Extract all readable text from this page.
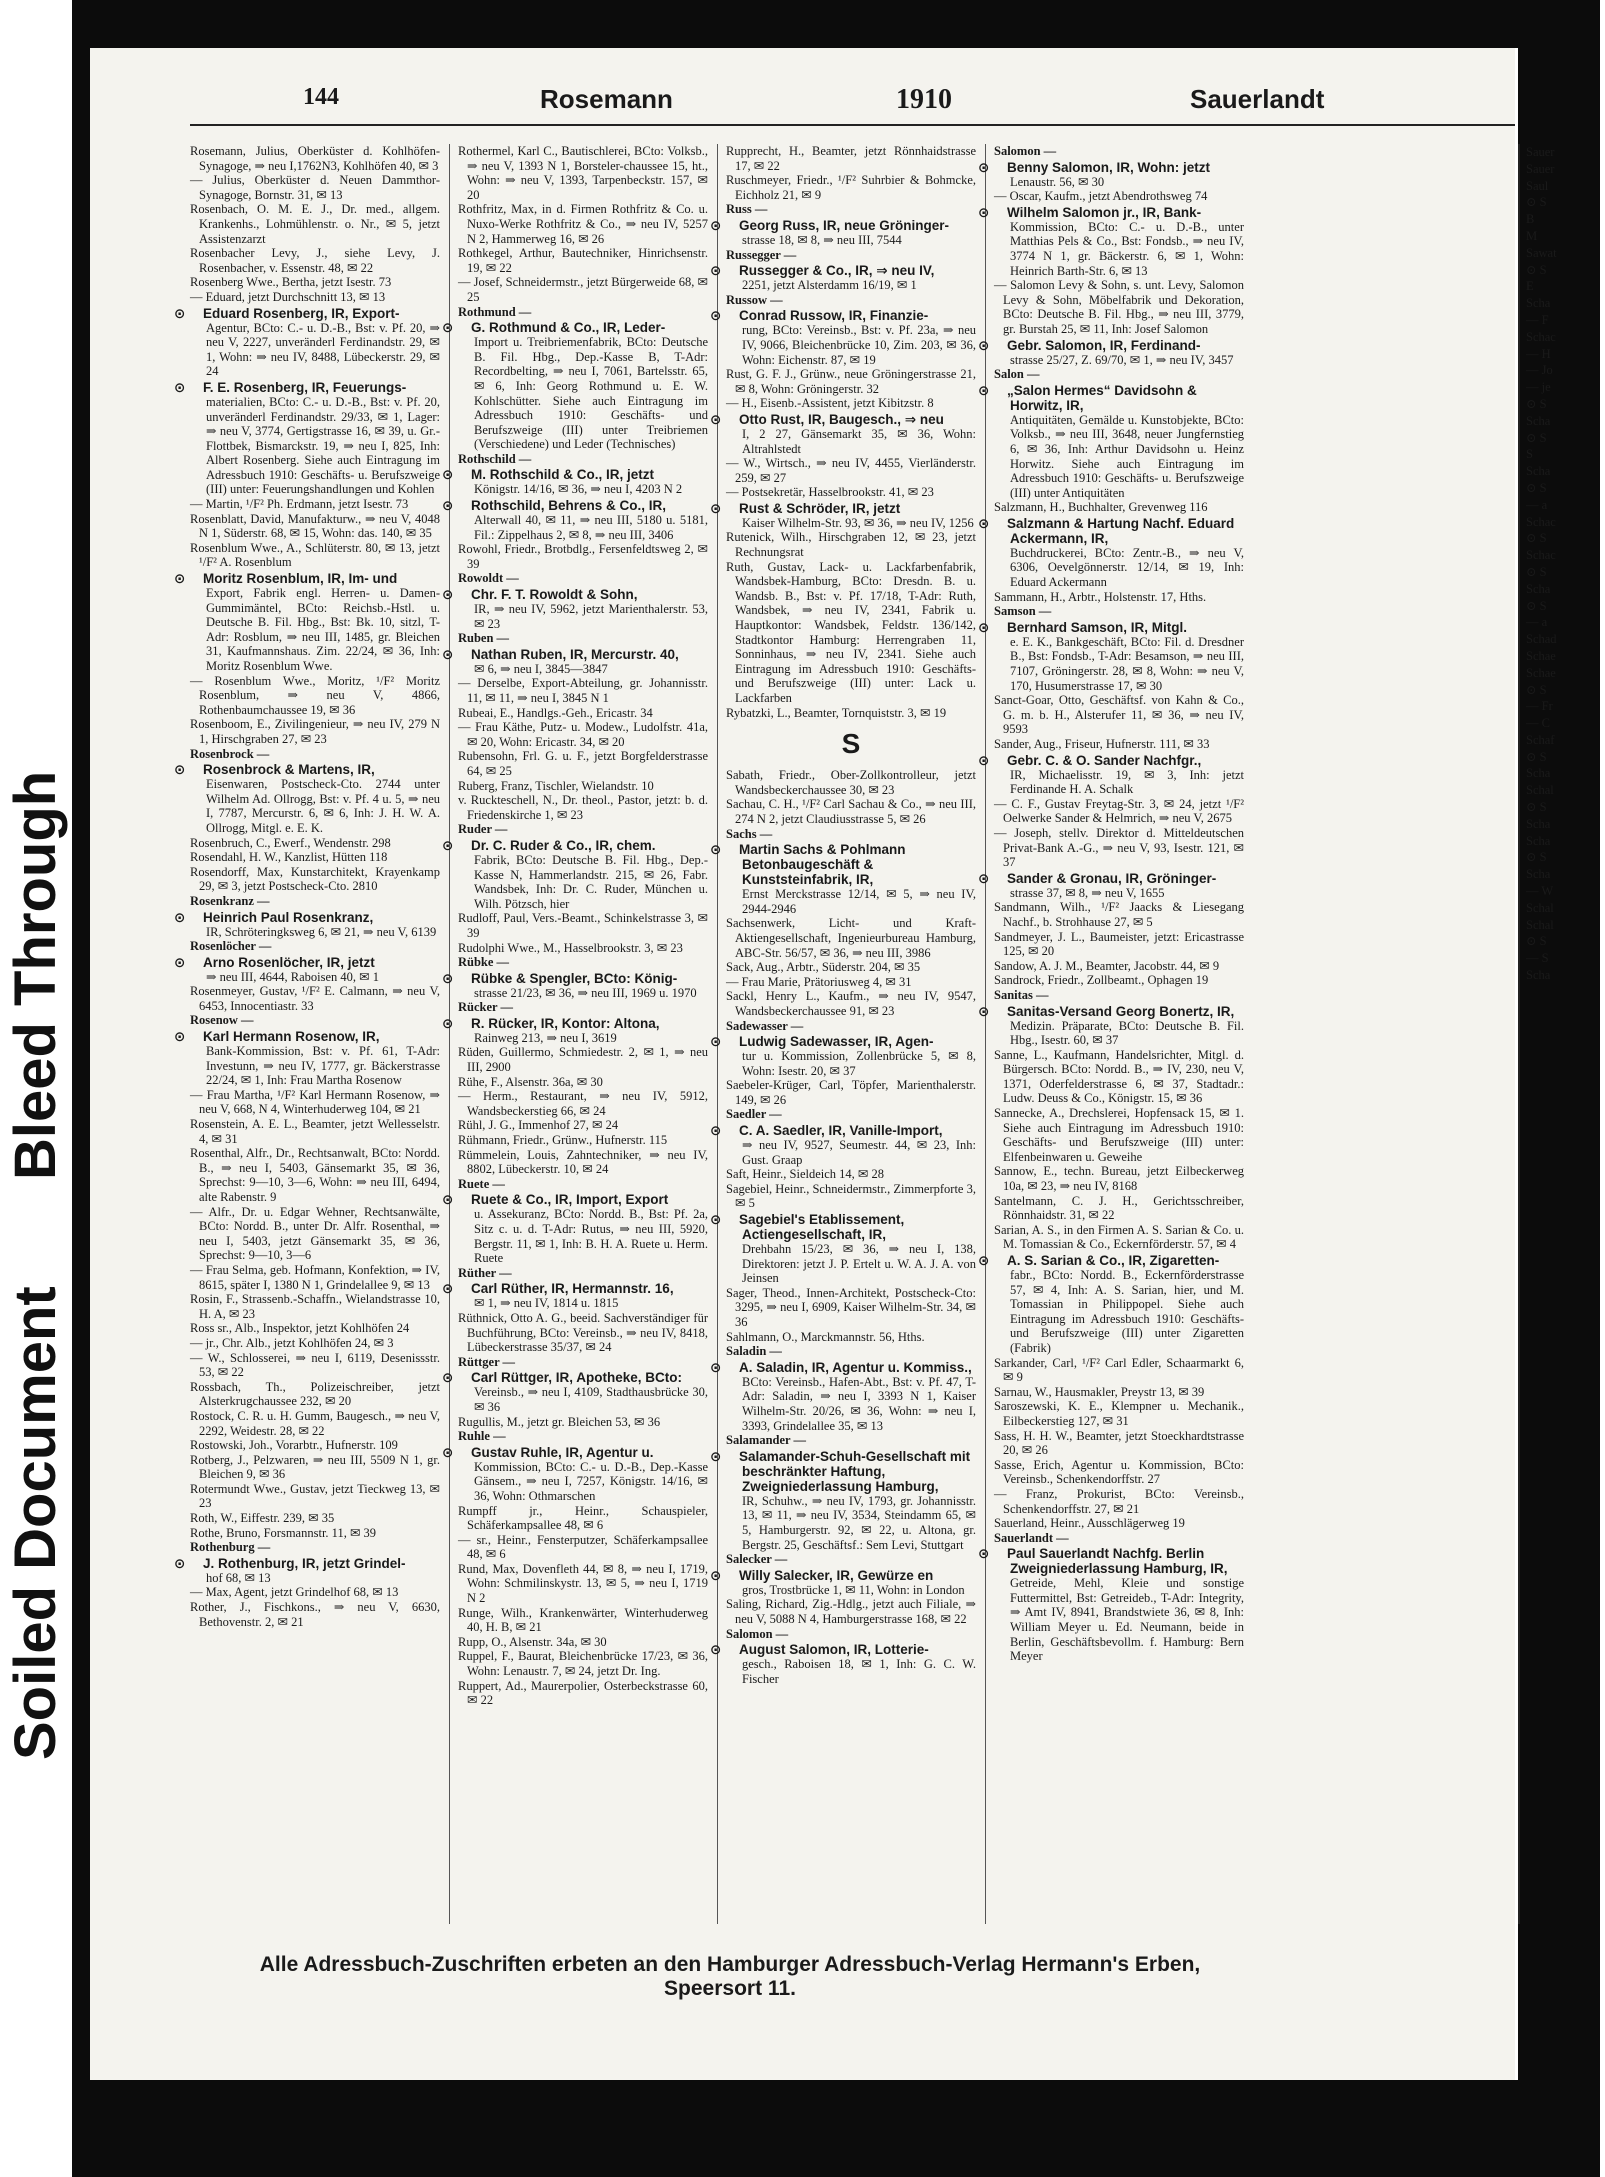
Soiled Document
Bleed Through
144	Rosemann	1910	Sauerlandt

Rosemann, Julius, Oberküster d. Kohlhöfen-Synagoge, ⇒ neu I,1762N3, Kohlhöfen 40, ✉ 3

— Julius, Oberküster d. Neuen Dammthor-Synagoge, Bornstr. 31, ✉ 13

Rosenbach, O. M. E. J., Dr. med., allgem. Krankenhs., Lohmühlenstr. o. Nr., ✉ 5, jetzt Assistenzarzt

Rosenbacher Levy, J., siehe Levy, J. Rosenbacher, v. Essenstr. 48, ✉ 22

Rosenberg Wwe., Bertha, jetzt Isestr. 73

— Eduard, jetzt Durchschnitt 13, ✉ 13

⊙ Eduard Rosenberg, IR, Export-

Agentur, BCto: C.- u. D.-B., Bst: v. Pf. 20, ⇒ neu V, 2227, unveränderl Ferdinandstr. 29, ✉ 1, Wohn: ⇒ neu IV, 8488, Lübeckerstr. 29, ✉ 24

⊙ F. E. Rosenberg, IR, Feuerungs-

materialien, BCto: C.- u. D.-B., Bst: v. Pf. 20, unveränderl Ferdinandstr. 29/33, ✉ 1, Lager: ⇒ neu V, 3774, Gertigstrasse 16, ✉ 39, u. Gr.-Flottbek, Bismarckstr. 19, ⇒ neu I, 825, Inh: Albert Rosenberg. Siehe auch Eintragung im Adressbuch 1910: Geschäfts- u. Berufszweige (III) unter: Feuerungshandlungen und Kohlen

— Martin, ¹/F² Ph. Erdmann, jetzt Isestr. 73

Rosenblatt, David, Manufakturw., ⇒ neu V, 4048 N 1, Süderstr. 68, ✉ 15, Wohn: das. 140, ✉ 35

Rosenblum Wwe., A., Schlüterstr. 80, ✉ 13, jetzt ¹/F² A. Rosenblum

⊙ Moritz Rosenblum, IR, Im- und

Export, Fabrik engl. Herren- u. Damen-Gummimäntel, BCto: Reichsb.-Hstl. u. Deutsche B. Fil. Hbg., Bst: Bk. 10, sitzl, T-Adr: Rosblum, ⇒ neu III, 1485, gr. Bleichen 31, Kaufmannshaus. Zim. 22/24, ✉ 36, Inh: Moritz Rosenblum Wwe.

— Rosenblum Wwe., Moritz, ¹/F² Moritz Rosenblum, ⇒ neu V, 4866, Rothenbaumchaussee 19, ✉ 36

Rosenboom, E., Zivilingenieur, ⇒ neu IV, 279 N 1, Hirschgraben 27, ✉ 23

Rosenbrock —

⊙ Rosenbrock & Martens, IR,

Eisenwaren, Postscheck-Cto. 2744 unter Wilhelm Ad. Ollrogg, Bst: v. Pf. 4 u. 5, ⇒ neu I, 7787, Mercurstr. 6, ✉ 6, Inh: J. H. W. A. Ollrogg, Mitgl. e. E. K.

Rosenbruch, C., Ewerf., Wendenstr. 298

Rosendahl, H. W., Kanzlist, Hütten 118

Rosendorff, Max, Kunstarchitekt, Krayenkamp 29, ✉ 3, jetzt Postscheck-Cto. 2810

Rosenkranz —

⊙ Heinrich Paul Rosenkranz,

IR, Schröteringksweg 6, ✉ 21, ⇒ neu V, 6139

Rosenlöcher —

⊙ Arno Rosenlöcher, IR, jetzt

⇒ neu III, 4644, Raboisen 40, ✉ 1

Rosenmeyer, Gustav, ¹/F² E. Calmann, ⇒ neu V, 6453, Innocentiastr. 33

Rosenow —

⊙ Karl Hermann Rosenow, IR,

Bank-Kommission, Bst: v. Pf. 61, T-Adr: Investunn, ⇒ neu IV, 1777, gr. Bäckerstrasse 22/24, ✉ 1, Inh: Frau Martha Rosenow

— Frau Martha, ¹/F² Karl Hermann Rosenow, ⇒ neu V, 668, N 4, Winterhuderweg 104, ✉ 21

Rosenstein, A. E. L., Beamter, jetzt Wellesselstr. 4, ✉ 31

Rosenthal, Alfr., Dr., Rechtsanwalt, BCto: Nordd. B., ⇒ neu I, 5403, Gänsemarkt 35, ✉ 36, Sprechst: 9—10, 3—6, Wohn: ⇒ neu III, 6494, alte Rabenstr. 9

— Alfr., Dr. u. Edgar Wehner, Rechtsanwälte, BCto: Nordd. B., unter Dr. Alfr. Rosenthal, ⇒ neu I, 5403, jetzt Gänsemarkt 35, ✉ 36, Sprechst: 9—10, 3—6

— Frau Selma, geb. Hofmann, Konfektion, ⇒ IV, 8615, später I, 1380 N 1, Grindelallee 9, ✉ 13

Rosin, F., Strassenb.-Schaffn., Wielandstrasse 10, H. A, ✉ 23

Ross sr., Alb., Inspektor, jetzt Kohlhöfen 24

— jr., Chr. Alb., jetzt Kohlhöfen 24, ✉ 3

— W., Schlosserei, ⇒ neu I, 6119, Desenissstr. 53, ✉ 22

Rossbach, Th., Polizeischreiber, jetzt Alsterkrugchaussee 232, ✉ 20

Rostock, C. R. u. H. Gumm, Baugesch., ⇒ neu V, 2292, Weidestr. 28, ✉ 22

Rostowski, Joh., Vorarbtr., Hufnerstr. 109

Rotberg, J., Pelzwaren, ⇒ neu III, 5509 N 1, gr. Bleichen 9, ✉ 36

Rotermundt Wwe., Gustav, jetzt Tieckweg 13, ✉ 23

Roth, W., Eiffestr. 239, ✉ 35

Rothe, Bruno, Forsmannstr. 11, ✉ 39

Rothenburg —

⊙ J. Rothenburg, IR, jetzt Grindel-

hof 68, ✉ 13

— Max, Agent, jetzt Grindelhof 68, ✉ 13

Rother, J., Fischkons., ⇒ neu V, 6630, Bethovenstr. 2, ✉ 21

Rothermel, Karl C., Bautischlerei, BCto: Volksb., ⇒ neu V, 1393 N 1, Borsteler-chaussee 15, ht., Wohn: ⇒ neu V, 1393, Tarpenbeckstr. 157, ✉ 20

Rothfritz, Max, in d. Firmen Rothfritz & Co. u. Nuxo-Werke Rothfritz & Co., ⇒ neu IV, 5257 N 2, Hammerweg 16, ✉ 26

Rothkegel, Arthur, Bautechniker, Hinrichsenstr. 19, ✉ 22

— Josef, Schneidermstr., jetzt Bürgerweide 68, ✉ 25

Rothmund —

⊙ G. Rothmund & Co., IR, Leder-

Import u. Treibriemenfabrik, BCto: Deutsche B. Fil. Hbg., Dep.-Kasse B, T-Adr: Recordbelting, ⇒ neu I, 7061, Bartelsstr. 65, ✉ 6, Inh: Georg Rothmund u. E. W. Kohlschütter. Siehe auch Eintragung im Adressbuch 1910: Geschäfts- und Berufszweige (III) unter Treibriemen (Verschiedene) und Leder (Technisches)

Rothschild —

⊙ M. Rothschild & Co., IR, jetzt

Königstr. 14/16, ✉ 36, ⇒ neu I, 4203 N 2

⊙ Rothschild, Behrens & Co., IR,

Alterwall 40, ✉ 11, ⇒ neu III, 5180 u. 5181, Fil.: Zippelhaus 2, ✉ 8, ⇒ neu III, 3406

Rowohl, Friedr., Brotbdlg., Fersenfeldtsweg 2, ✉ 39

Rowoldt —

⊙ Chr. F. T. Rowoldt & Sohn,

IR, ⇒ neu IV, 5962, jetzt Marienthalerstr. 53, ✉ 23

Ruben —

⊙ Nathan Ruben, IR, Mercurstr. 40,

✉ 6, ⇒ neu I, 3845—3847

— Derselbe, Export-Abteilung, gr. Johannisstr. 11, ✉ 11, ⇒ neu I, 3845 N 1

Rubeai, E., Handlgs.-Geh., Ericastr. 34

— Frau Käthe, Putz- u. Modew., Ludolfstr. 41a, ✉ 20, Wohn: Ericastr. 34, ✉ 20

Rubensohn, Frl. G. u. F., jetzt Borgfelderstrasse 64, ✉ 25

Ruberg, Franz, Tischler, Wielandstr. 10

v. Ruckteschell, N., Dr. theol., Pastor, jetzt: b. d. Friedenskirche 1, ✉ 23

Ruder —

⊙ Dr. C. Ruder & Co., IR, chem.

Fabrik, BCto: Deutsche B. Fil. Hbg., Dep.-Kasse N, Hammerlandstr. 215, ✉ 26, Fabr. Wandsbek, Inh: Dr. C. Ruder, München u. Wilh. Pötzsch, hier

Rudloff, Paul, Vers.-Beamt., Schinkelstrasse 3, ✉ 39

Rudolphi Wwe., M., Hasselbrookstr. 3, ✉ 23

Rübke —

⊙ Rübke & Spengler, BCto: König-

strasse 21/23, ✉ 36, ⇒ neu III, 1969 u. 1970

Rücker —

⊙ R. Rücker, IR, Kontor: Altona,

Rainweg 213, ⇒ neu I, 3619

Rüden, Guillermo, Schmiedestr. 2, ✉ 1, ⇒ neu III, 2900

Rühe, F., Alsenstr. 36a, ✉ 30

— Herm., Restaurant, ⇒ neu IV, 5912, Wandsbeckerstieg 66, ✉ 24

Rühl, J. G., Immenhof 27, ✉ 24

Rühmann, Friedr., Grünw., Hufnerstr. 115

Rümmelein, Louis, Zahntechniker, ⇒ neu IV, 8802, Lübeckerstr. 10, ✉ 24

Ruete —

⊙ Ruete & Co., IR, Import, Export

u. Assekuranz, BCto: Nordd. B., Bst: Pf. 2a, Sitz c. u. d. T-Adr: Rutus, ⇒ neu III, 5920, Bergstr. 11, ✉ 1, Inh: B. H. A. Ruete u. Herm. Ruete

Rüther —

⊙ Carl Rüther, IR, Hermannstr. 16,

✉ 1, ⇒ neu IV, 1814 u. 1815

Rüthnick, Otto A. G., beeid. Sachverständiger für Buchführung, BCto: Vereinsb., ⇒ neu IV, 8418, Lübeckerstrasse 35/37, ✉ 24

Rüttger —

⊙ Carl Rüttger, IR, Apotheke, BCto:

Vereinsb., ⇒ neu I, 4109, Stadthausbrücke 30, ✉ 36

Rugullis, M., jetzt gr. Bleichen 53, ✉ 36

Ruhle —

⊙ Gustav Ruhle, IR, Agentur u.

Kommission, BCto: C.- u. D.-B., Dep.-Kasse Gänsem., ⇒ neu I, 7257, Königstr. 14/16, ✉ 36, Wohn: Othmarschen

Rumpff jr., Heinr., Schauspieler, Schäferkampsallee 48, ✉ 6

— sr., Heinr., Fensterputzer, Schäferkampsallee 48, ✉ 6

Rund, Max, Dovenfleth 44, ✉ 8, ⇒ neu I, 1719, Wohn: Schmilinskystr. 13, ✉ 5, ⇒ neu I, 1719 N 2

Runge, Wilh., Krankenwärter, Winterhuderweg 40, H. B, ✉ 21

Rupp, O., Alsenstr. 34a, ✉ 30

Ruppel, F., Baurat, Bleichenbrücke 17/23, ✉ 36, Wohn: Lenaustr. 7, ✉ 24, jetzt Dr. Ing.

Ruppert, Ad., Maurerpolier, Osterbeckstrasse 60, ✉ 22

Rupprecht, H., Beamter, jetzt Rönnhaidstrasse 17, ✉ 22

Ruschmeyer, Friedr., ¹/F² Suhrbier & Bohmcke, Eichholz 21, ✉ 9

Russ —

⊙ Georg Russ, IR, neue Gröninger-

strasse 18, ✉ 8, ⇒ neu III, 7544

Russegger —

⊙ Russegger & Co., IR, ⇒ neu IV,

2251, jetzt Alsterdamm 16/19, ✉ 1

Russow —

⊙ Conrad Russow, IR, Finanzie-

rung, BCto: Vereinsb., Bst: v. Pf. 23a, ⇒ neu IV, 9066, Bleichenbrücke 10, Zim. 203, ✉ 36, Wohn: Eichenstr. 87, ✉ 19

Rust, G. F. J., Grünw., neue Gröningerstrasse 21, ✉ 8, Wohn: Gröningerstr. 32

— H., Eisenb.-Assistent, jetzt Kibitzstr. 8

⊙ Otto Rust, IR, Baugesch., ⇒ neu

I, 2 27, Gänsemarkt 35, ✉ 36, Wohn: Altrahlstedt

— W., Wirtsch., ⇒ neu IV, 4455, Vierländerstr. 259, ✉ 27

— Postsekretär, Hasselbrookstr. 41, ✉ 23

⊙ Rust & Schröder, IR, jetzt

Kaiser Wilhelm-Str. 93, ✉ 36, ⇒ neu IV, 1256

Rutenick, Wilh., Hirschgraben 12, ✉ 23, jetzt Rechnungsrat

Ruth, Gustav, Lack- u. Lackfarbenfabrik, Wandsbek-Hamburg, BCto: Dresdn. B. u. Wandsb. B., Bst: v. Pf. 17/18, T-Adr: Ruth, Wandsbek, ⇒ neu IV, 2341, Fabrik u. Hauptkontor: Wandsbek, Feldstr. 136/142, Stadtkontor Hamburg: Herrengraben 11, Sonninhaus, ⇒ neu IV, 2341. Siehe auch Eintragung im Adressbuch 1910: Geschäfts- und Berufszweige (III) unter: Lack u. Lackfarben

Rybatzki, L., Beamter, Tornquiststr. 3, ✉ 19

S

Sabath, Friedr., Ober-Zollkontrolleur, jetzt Wandsbeckerchaussee 30, ✉ 23

Sachau, C. H., ¹/F² Carl Sachau & Co., ⇒ neu III, 274 N 2, jetzt Claudiusstrasse 5, ✉ 26

Sachs —

⊙ Martin Sachs & Pohlmann Betonbaugeschäft & Kunststeinfabrik, IR,

Ernst Merckstrasse 12/14, ✉ 5, ⇒ neu IV, 2944-2946

Sachsenwerk, Licht- und Kraft-Aktiengesellschaft, Ingenieurbureau Hamburg, ABC-Str. 56/57, ✉ 36, ⇒ neu III, 3986

Sack, Aug., Arbtr., Süderstr. 204, ✉ 35

— Frau Marie, Prätoriusweg 4, ✉ 31

Sackl, Henry L., Kaufm., ⇒ neu IV, 9547, Wandsbeckerchaussee 91, ✉ 23

Sadewasser —

⊙ Ludwig Sadewasser, IR, Agen-

tur u. Kommission, Zollenbrücke 5, ✉ 8, Wohn: Isestr. 20, ✉ 37

Saebeler-Krüger, Carl, Töpfer, Marienthalerstr. 149, ✉ 26

Saedler —

⊙ C. A. Saedler, IR, Vanille-Import,

⇒ neu IV, 9527, Seumestr. 44, ✉ 23, Inh: Gust. Graap

Saft, Heinr., Sieldeich 14, ✉ 28

Sagebiel, Heinr., Schneidermstr., Zimmerpforte 3, ✉ 5

⊙ Sagebiel's Etablissement, Actiengesellschaft, IR,

Drehbahn 15/23, ✉ 36, ⇒ neu I, 138, Direktoren: jetzt J. P. Ertelt u. W. A. J. A. von Jeinsen

Sager, Theod., Innen-Architekt, Postscheck-Cto: 3295, ⇒ neu I, 6909, Kaiser Wilhelm-Str. 34, ✉ 36

Sahlmann, O., Marckmannstr. 56, Hths.

Saladin —

⊙ A. Saladin, IR, Agentur u. Kommiss.,

BCto: Vereinsb., Hafen-Abt., Bst: v. Pf. 47, T-Adr: Saladin, ⇒ neu I, 3393 N 1, Kaiser Wilhelm-Str. 20/26, ✉ 36, Wohn: ⇒ neu I, 3393, Grindelallee 35, ✉ 13

Salamander —

⊙ Salamander-Schuh-Gesellschaft mit beschränkter Haftung, Zweigniederlassung Hamburg,

IR, Schuhw., ⇒ neu IV, 1793, gr. Johannisstr. 13, ✉ 11, ⇒ neu IV, 3534, Steindamm 65, ✉ 5, Hamburgerstr. 92, ✉ 22, u. Altona, gr. Bergstr. 25, Geschäftsf.: Sem Levi, Stuttgart

Salecker —

⊙ Willy Salecker, IR, Gewürze en

gros, Trostbrücke 1, ✉ 11, Wohn: in London

Saling, Richard, Zig.-Hdlg., jetzt auch Filiale, ⇒ neu V, 5088 N 4, Hamburgerstrasse 168, ✉ 22

Salomon —

⊙ August Salomon, IR, Lotterie-

gesch., Raboisen 18, ✉ 1, Inh: G. C. W. Fischer

Salomon —

⊙ Benny Salomon, IR, Wohn: jetzt

Lenaustr. 56, ✉ 30

— Oscar, Kaufm., jetzt Abendrothsweg 74

⊙ Wilhelm Salomon jr., IR, Bank-

Kommission, BCto: C.- u. D.-B., unter Matthias Pels & Co., Bst: Fondsb., ⇒ neu IV, 3774 N 1, gr. Bäckerstr. 6, ✉ 1, Wohn: Heinrich Barth-Str. 6, ✉ 13

— Salomon Levy & Sohn, s. unt. Levy, Salomon Levy & Sohn, Möbelfabrik und Dekoration, BCto: Deutsche B. Fil. Hbg., ⇒ neu III, 3779, gr. Burstah 25, ✉ 11, Inh: Josef Salomon

⊙ Gebr. Salomon, IR, Ferdinand-

strasse 25/27, Z. 69/70, ✉ 1, ⇒ neu IV, 3457

Salon —

⊙ „Salon Hermes“ Davidsohn & Horwitz, IR,

Antiquitäten, Gemälde u. Kunstobjekte, BCto: Volksb., ⇒ neu III, 3648, neuer Jungfernstieg 6, ✉ 36, Inh: Arthur Davidsohn u. Heinz Horwitz. Siehe auch Eintragung im Adressbuch 1910: Geschäfts- u. Berufszweige (III) unter Antiquitäten

Salzmann, H., Buchhalter, Grevenweg 116

⊙ Salzmann & Hartung Nachf. Eduard Ackermann, IR,

Buchdruckerei, BCto: Zentr.-B., ⇒ neu V, 6306, Oevelgönnerstr. 12/14, ✉ 19, Inh: Eduard Ackermann

Sammann, H., Arbtr., Holstenstr. 17, Hths.

Samson —

⊙ Bernhard Samson, IR, Mitgl.

e. E. K., Bankgeschäft, BCto: Fil. d. Dresdner B., Bst: Fondsb., T-Adr: Besamson, ⇒ neu III, 7107, Gröningerstr. 28, ✉ 8, Wohn: ⇒ neu V, 170, Husumerstrasse 17, ✉ 30

Sanct-Goar, Otto, Geschäftsf. von Kahn & Co., G. m. b. H., Alsterufer 11, ✉ 36, ⇒ neu IV, 9593

Sander, Aug., Friseur, Hufnerstr. 111, ✉ 33

⊙ Gebr. C. & O. Sander Nachfgr.,

IR, Michaelisstr. 19, ✉ 3, Inh: jetzt Ferdinande H. A. Schalk

— C. F., Gustav Freytag-Str. 3, ✉ 24, jetzt ¹/F² Oelwerke Sander & Helmrich, ⇒ neu V, 2675

— Joseph, stellv. Direktor d. Mitteldeutschen Privat-Bank A.-G., ⇒ neu V, 93, Isestr. 121, ✉ 37

⊙ Sander & Gronau, IR, Gröninger-

strasse 37, ✉ 8, ⇒ neu V, 1655

Sandmann, Wilh., ¹/F² Jaacks & Liesegang Nachf., b. Strohhause 27, ✉ 5

Sandmeyer, J. L., Baumeister, jetzt: Ericastrasse 125, ✉ 20

Sandow, A. J. M., Beamter, Jacobstr. 44, ✉ 9

Sandrock, Friedr., Zollbeamt., Ophagen 19

Sanitas —

⊙ Sanitas-Versand Georg Bonertz, IR,

Medizin. Präparate, BCto: Deutsche B. Fil. Hbg., Isestr. 60, ✉ 37

Sanne, L., Kaufmann, Handelsrichter, Mitgl. d. Bürgersch. BCto: Nordd. B., ⇒ IV, 230, neu V, 1371, Oderfelderstrasse 6, ✉ 37, Stadtadr.: Ludw. Deuss & Co., Königstr. 15, ✉ 36

Sannecke, A., Drechslerei, Hopfensack 15, ✉ 1. Siehe auch Eintragung im Adressbuch 1910: Geschäfts- und Berufszweige (III) unter: Elfenbeinwaren u. Geweihe

Sannow, E., techn. Bureau, jetzt Eilbeckerweg 10a, ✉ 23, ⇒ neu IV, 8168

Santelmann, C. J. H., Gerichtsschreiber, Rönnhaidstr. 31, ✉ 22

Sarian, A. S., in den Firmen A. S. Sarian & Co. u. M. Tomassian & Co., Eckernförderstr. 57, ✉ 4

⊙ A. S. Sarian & Co., IR, Zigaretten-

fabr., BCto: Nordd. B., Eckernförderstrasse 57, ✉ 4, Inh: A. S. Sarian, hier, und M. Tomassian in Philippopel. Siehe auch Eintragung im Adressbuch 1910: Geschäfts- und Berufszweige (III) unter Zigaretten (Fabrik)

Sarkander, Carl, ¹/F² Carl Edler, Schaarmarkt 6, ✉ 9

Sarnau, W., Hausmakler, Preystr 13, ✉ 39

Saroszewski, K. E., Klempner u. Mechanik., Eilbeckerstieg 127, ✉ 31

Sass, H. H. W., Beamter, jetzt Stoeckhardtstrasse 20, ✉ 26

Sasse, Erich, Agentur u. Kommission, BCto: Vereinsb., Schenkendorffstr. 27

— Franz, Prokurist, BCto: Vereinsb., Schenkendorffstr. 27, ✉ 21

Sauerland, Heinr., Ausschlägerweg 19

Sauerlandt —

⊙ Paul Sauerlandt Nachfg. Berlin Zweigniederlassung Hamburg, IR,

Getreide, Mehl, Kleie und sonstige Futtermittel, Bst: Getreideb., T-Adr: Integrity, ⇒ Amt IV, 8941, Brandstwiete 36, ✉ 8, Inh: William Meyer u. Ed. Neumann, beide in Berlin, Geschäftsbevollm. f. Hamburg: Bern Meyer

Alle Adressbuch-Zuschriften erbeten an den Hamburger Adressbuch-Verlag Hermann's Erben, Speersort 11.

Sauer

Sauer

Saul

⊙ S

B

M

Sawat

⊙ S

E

Scha

— F

Schac

— H

— Jo

— je

⊙ S

Scha

⊙ S

S

Scha

⊙ S

— a

Schac

⊙ S

Schac

⊙ S

Scha

⊙ S

— a

Schad

Schae

Schae

⊙ S

— Fr

— C

Schaf

⊙ S

Scha

Schal

⊙ S

Scha

Scha

⊙ S

Scha

— W

Schal

Schal

⊙ S

— S

Scha
